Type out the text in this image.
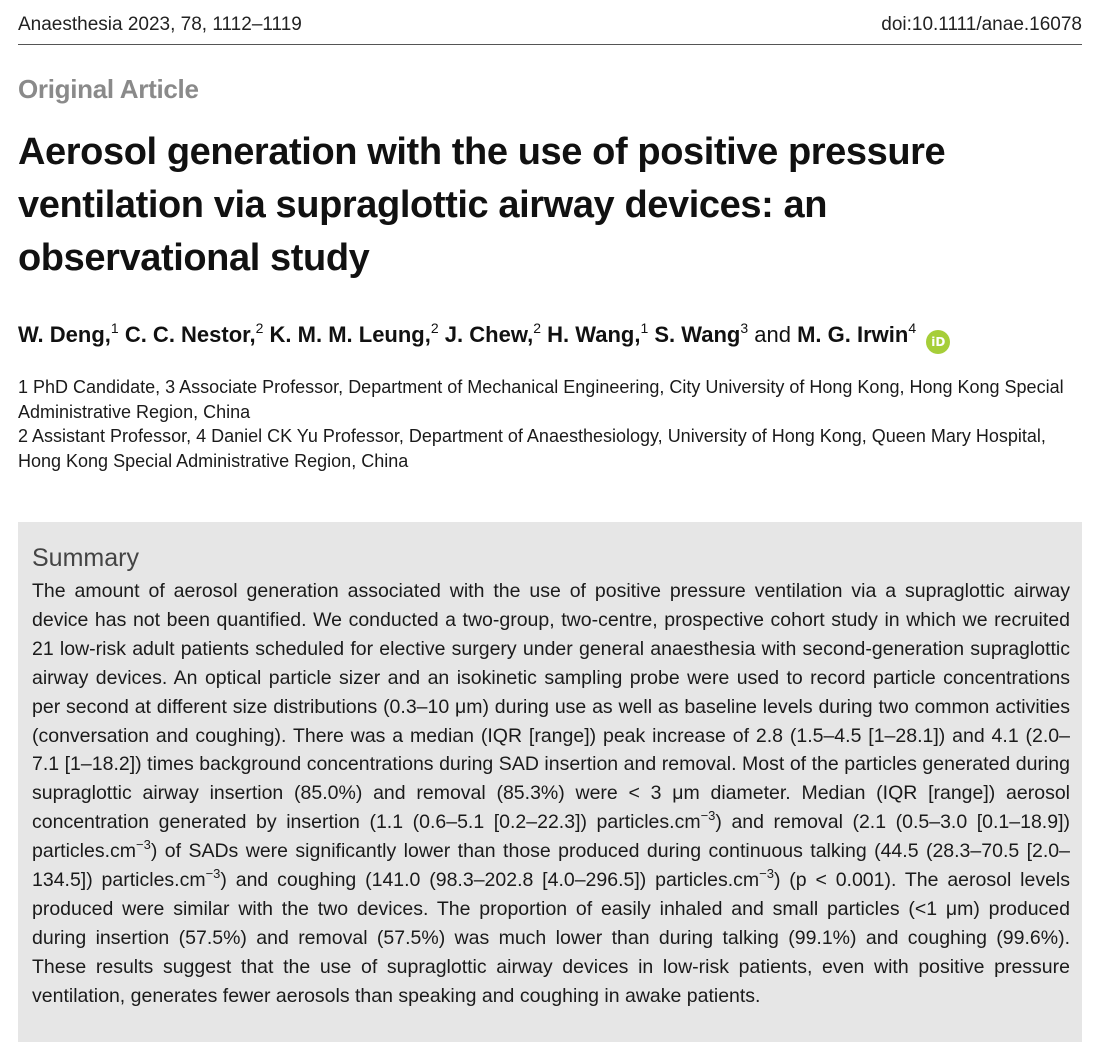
Anaesthesia 2023, 78, 1112–1119	doi:10.1111/anae.16078
Original Article
Aerosol generation with the use of positive pressure ventilation via supraglottic airway devices: an observational study
W. Deng,$^1$ C. C. Nestor,$^2$ K. M. M. Leung,$^2$ J. Chew,$^2$ H. Wang,$^1$ S. Wang$^3$ and M. G. Irwin$^4$ iD

1 PhD Candidate, 3 Associate Professor, Department of Mechanical Engineering, City University of Hong Kong, Hong Kong Special Administrative Region, China

2 Assistant Professor, 4 Daniel CK Yu Professor, Department of Anaesthesiology, University of Hong Kong, Queen Mary Hospital, Hong Kong Special Administrative Region, China

Summary

The amount of aerosol generation associated with the use of positive pressure ventilation via a supraglottic airway device has not been quantified. We conducted a two-group, two-centre, prospective cohort study in which we recruited 21 low-risk adult patients scheduled for elective surgery under general anaesthesia with second-generation supraglottic airway devices. An optical particle sizer and an isokinetic sampling probe were used to record particle concentrations per second at different size distributions (0.3–10 μm) during use as well as baseline levels during two common activities (conversation and coughing). There was a median (IQR [range]) peak increase of 2.8 (1.5–4.5 [1–28.1]) and 4.1 (2.0–7.1 [1–18.2]) times background concentrations during SAD insertion and removal. Most of the particles generated during supraglottic airway insertion (85.0%) and removal (85.3%) were < 3 μm diameter. Median (IQR [range]) aerosol concentration generated by insertion (1.1 (0.6–5.1 [0.2–22.3]) $particles.cm^{-3}$) and removal (2.1 (0.5–3.0 [0.1–18.9]) $particles.cm^{-3}$) of SADs were significantly lower than those produced during continuous talking (44.5 (28.3–70.5 [2.0–134.5]) $particles.cm^{-3}$) and coughing (141.0 (98.3–202.8 [4.0–296.5]) $particles.cm^{-3}$) (p < 0.001). The aerosol levels produced were similar with the two devices. The proportion of easily inhaled and small particles (<1 μm) produced during insertion (57.5%) and removal (57.5%) was much lower than during talking (99.1%) and coughing (99.6%). These results suggest that the use of supraglottic airway devices in low-risk patients, even with positive pressure ventilation, generates fewer aerosols than speaking and coughing in awake patients.
